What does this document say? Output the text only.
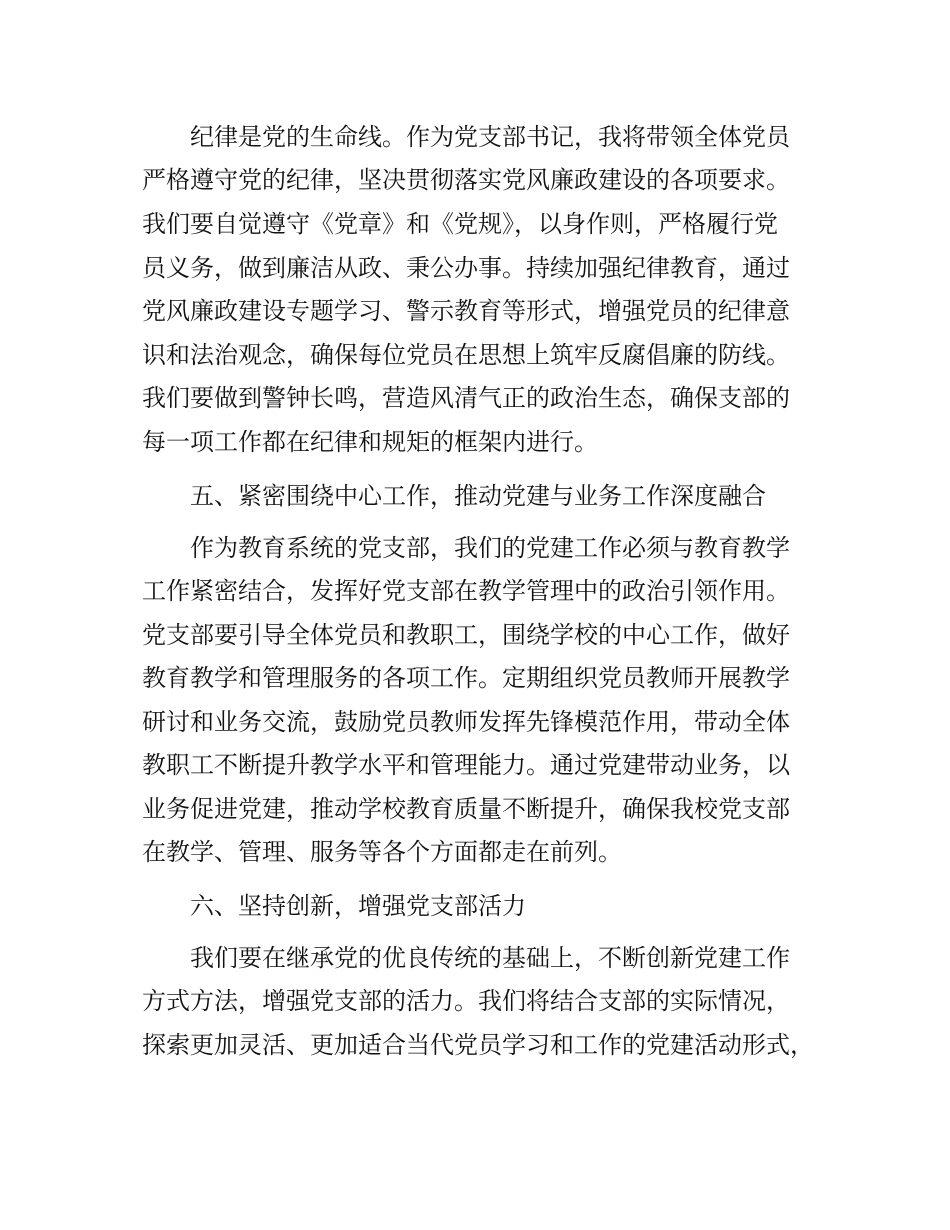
纪律是党的生命线。作为党支部书记，我将带领全体党员
严格遵守党的纪律，坚决贯彻落实党风廉政建设的各项要求。
我们要自觉遵守《党章》和《党规》，以身作则，严格履行党
员义务，做到廉洁从政、秉公办事。持续加强纪律教育，通过
党风廉政建设专题学习、警示教育等形式，增强党员的纪律意
识和法治观念，确保每位党员在思想上筑牢反腐倡廉的防线。
我们要做到警钟长鸣，营造风清气正的政治生态，确保支部的
每一项工作都在纪律和规矩的框架内进行。
五、紧密围绕中心工作，推动党建与业务工作深度融合
作为教育系统的党支部，我们的党建工作必须与教育教学
工作紧密结合，发挥好党支部在教学管理中的政治引领作用。
党支部要引导全体党员和教职工，围绕学校的中心工作，做好
教育教学和管理服务的各项工作。定期组织党员教师开展教学
研讨和业务交流，鼓励党员教师发挥先锋模范作用，带动全体
教职工不断提升教学水平和管理能力。通过党建带动业务，以
业务促进党建，推动学校教育质量不断提升，确保我校党支部
在教学、管理、服务等各个方面都走在前列。
六、坚持创新，增强党支部活力
我们要在继承党的优良传统的基础上，不断创新党建工作
方式方法，增强党支部的活力。我们将结合支部的实际情况，
探索更加灵活、更加适合当代党员学习和工作的党建活动形式，
